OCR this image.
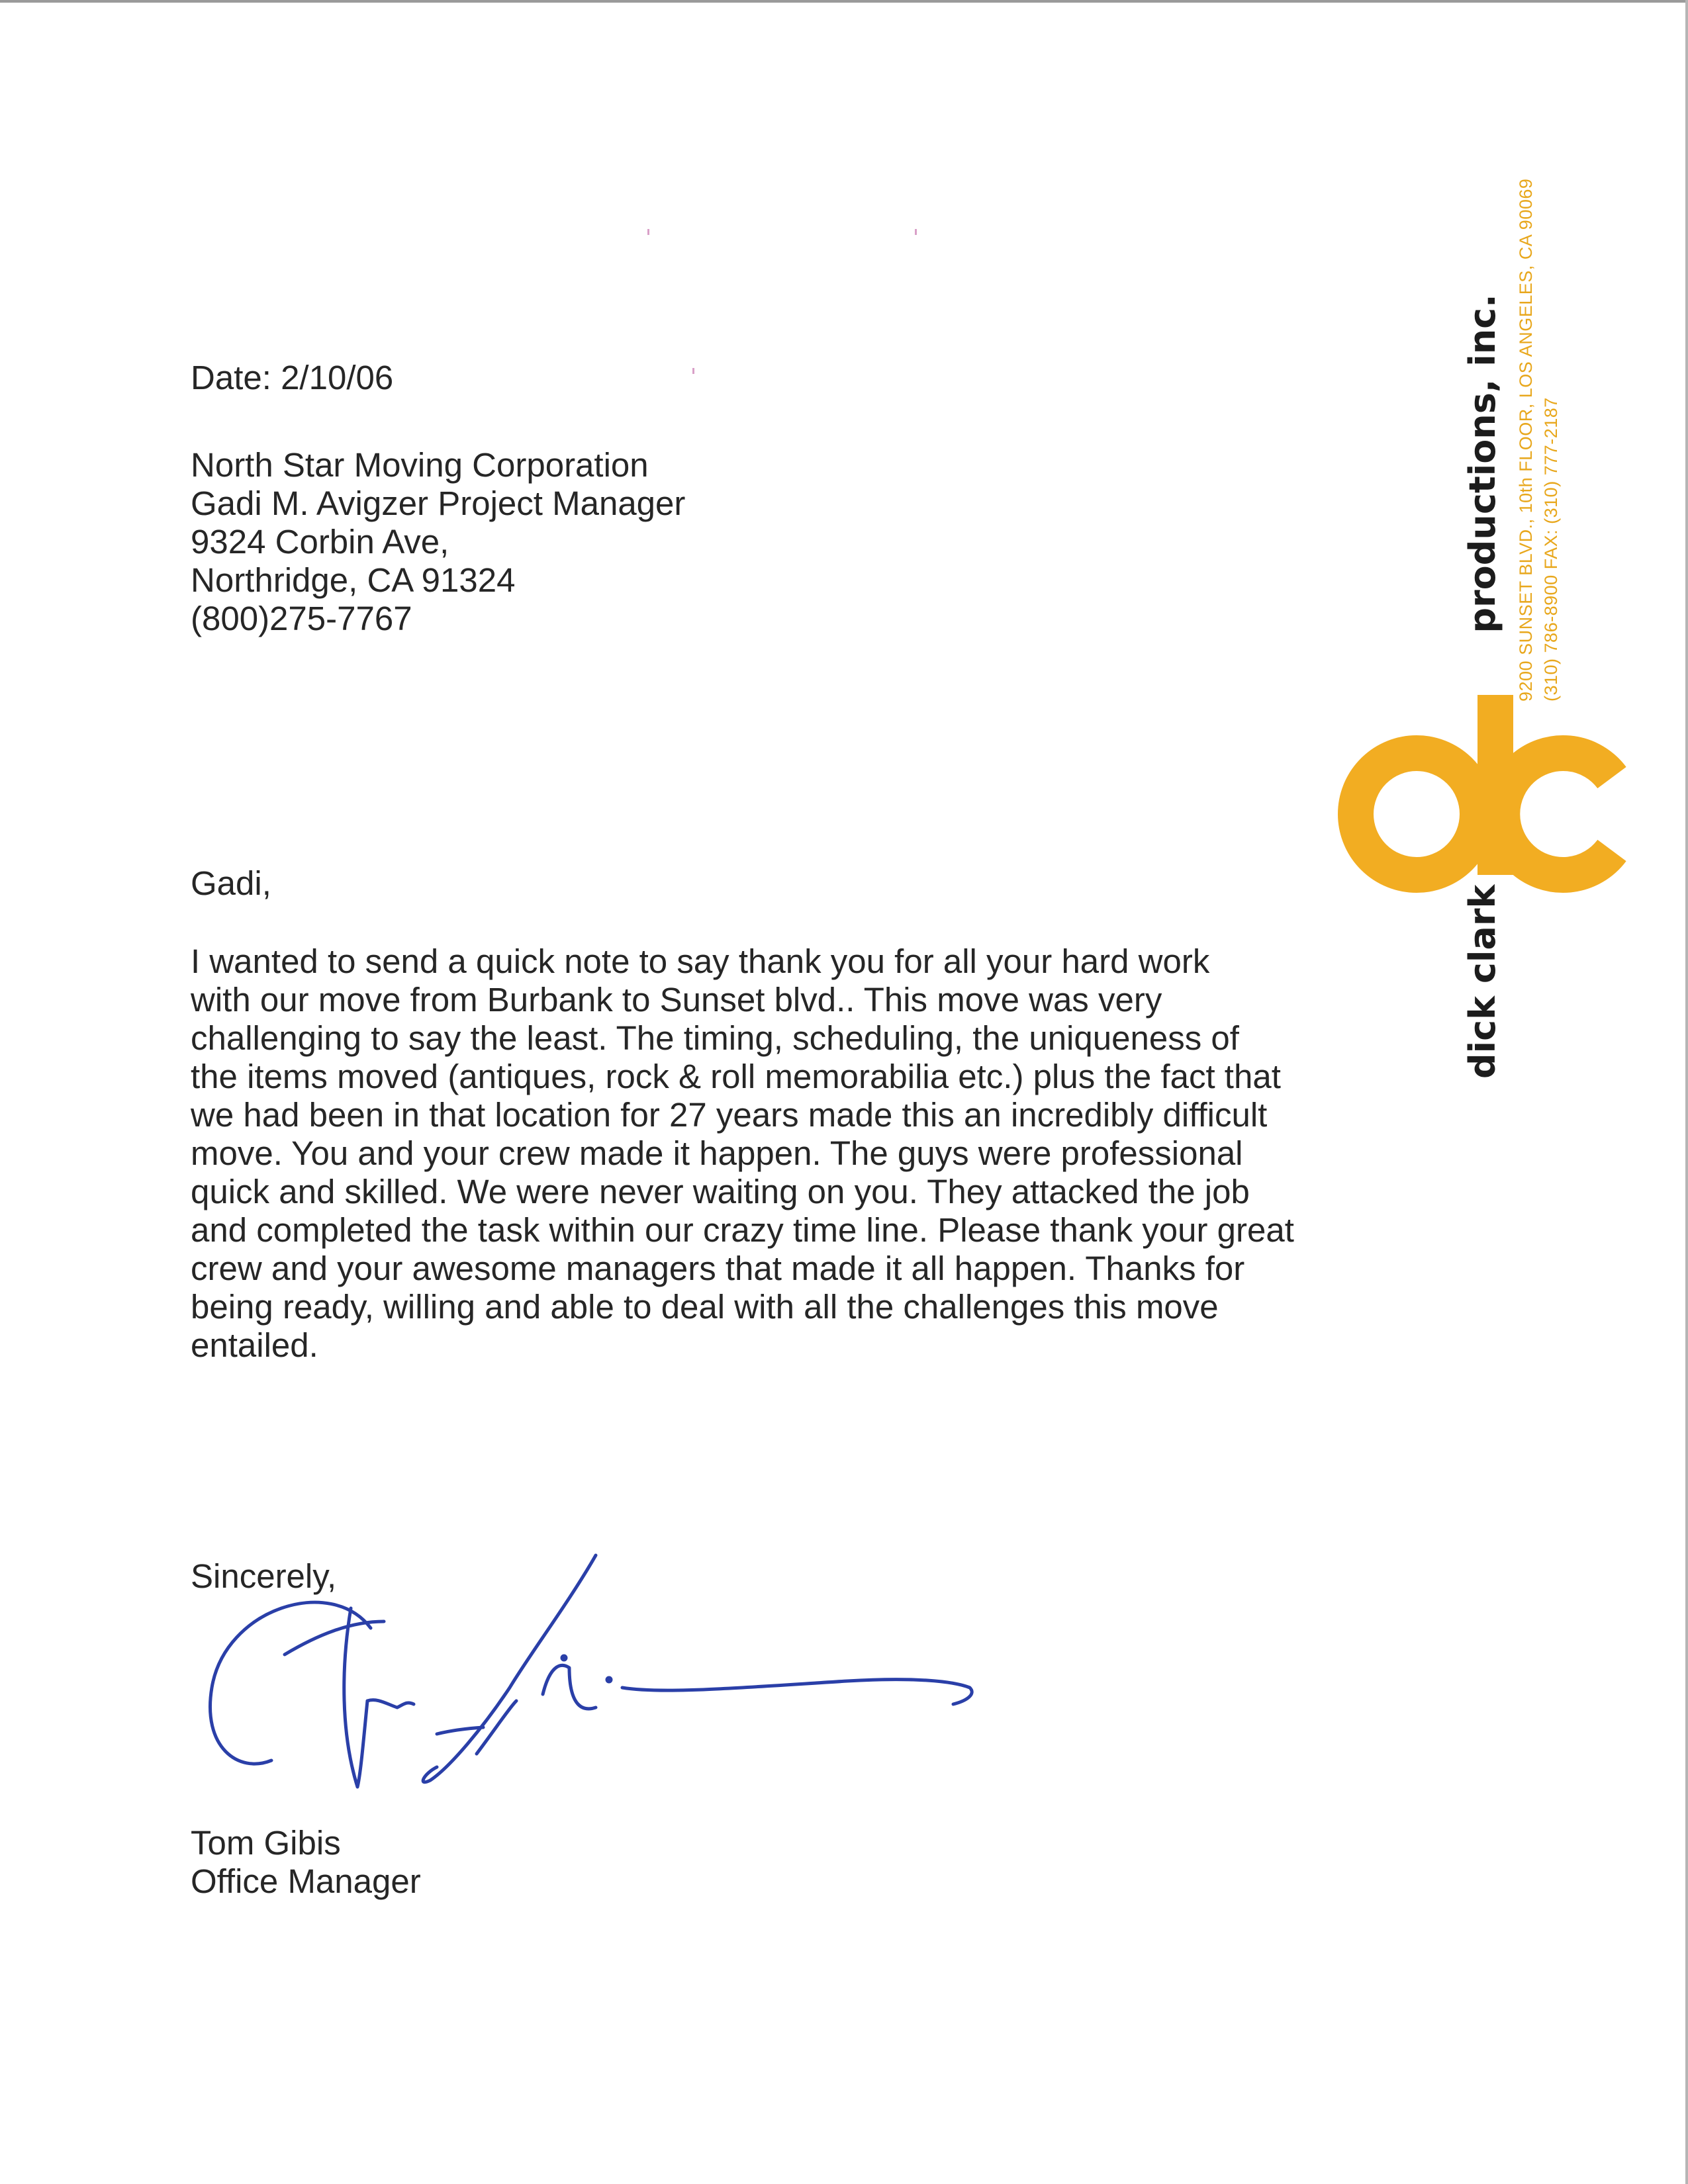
Date: 2/10/06
North Star Moving Corporation
Gadi M. Avigzer Project Manager
9324 Corbin Ave,
Northridge, CA 91324
(800)275-7767
Gadi,
I wanted to send a quick note to say thank you for all your hard work
with our move from Burbank to Sunset blvd.. This move was very
challenging to say the least. The timing, scheduling, the uniqueness of
the items moved (antiques, rock & roll memorabilia etc.) plus the fact that
we had been in that location for 27 years made this an incredibly difficult
move. You and your crew made it happen. The guys were professional
quick and skilled. We were never waiting on you. They attacked the job
and completed the task within our crazy time line. Please thank your great
crew and your awesome managers that made it all happen. Thanks for
being ready, willing and able to deal with all the challenges this move
entailed.
Sincerely,
Tom Gibis
Office Manager
dick clarkproductions, inc. 9200 SUNSET BLVD., 10th FLOOR, LOS ANGELES, CA 90069 (310) 786-8900 FAX: (310) 777-2187
